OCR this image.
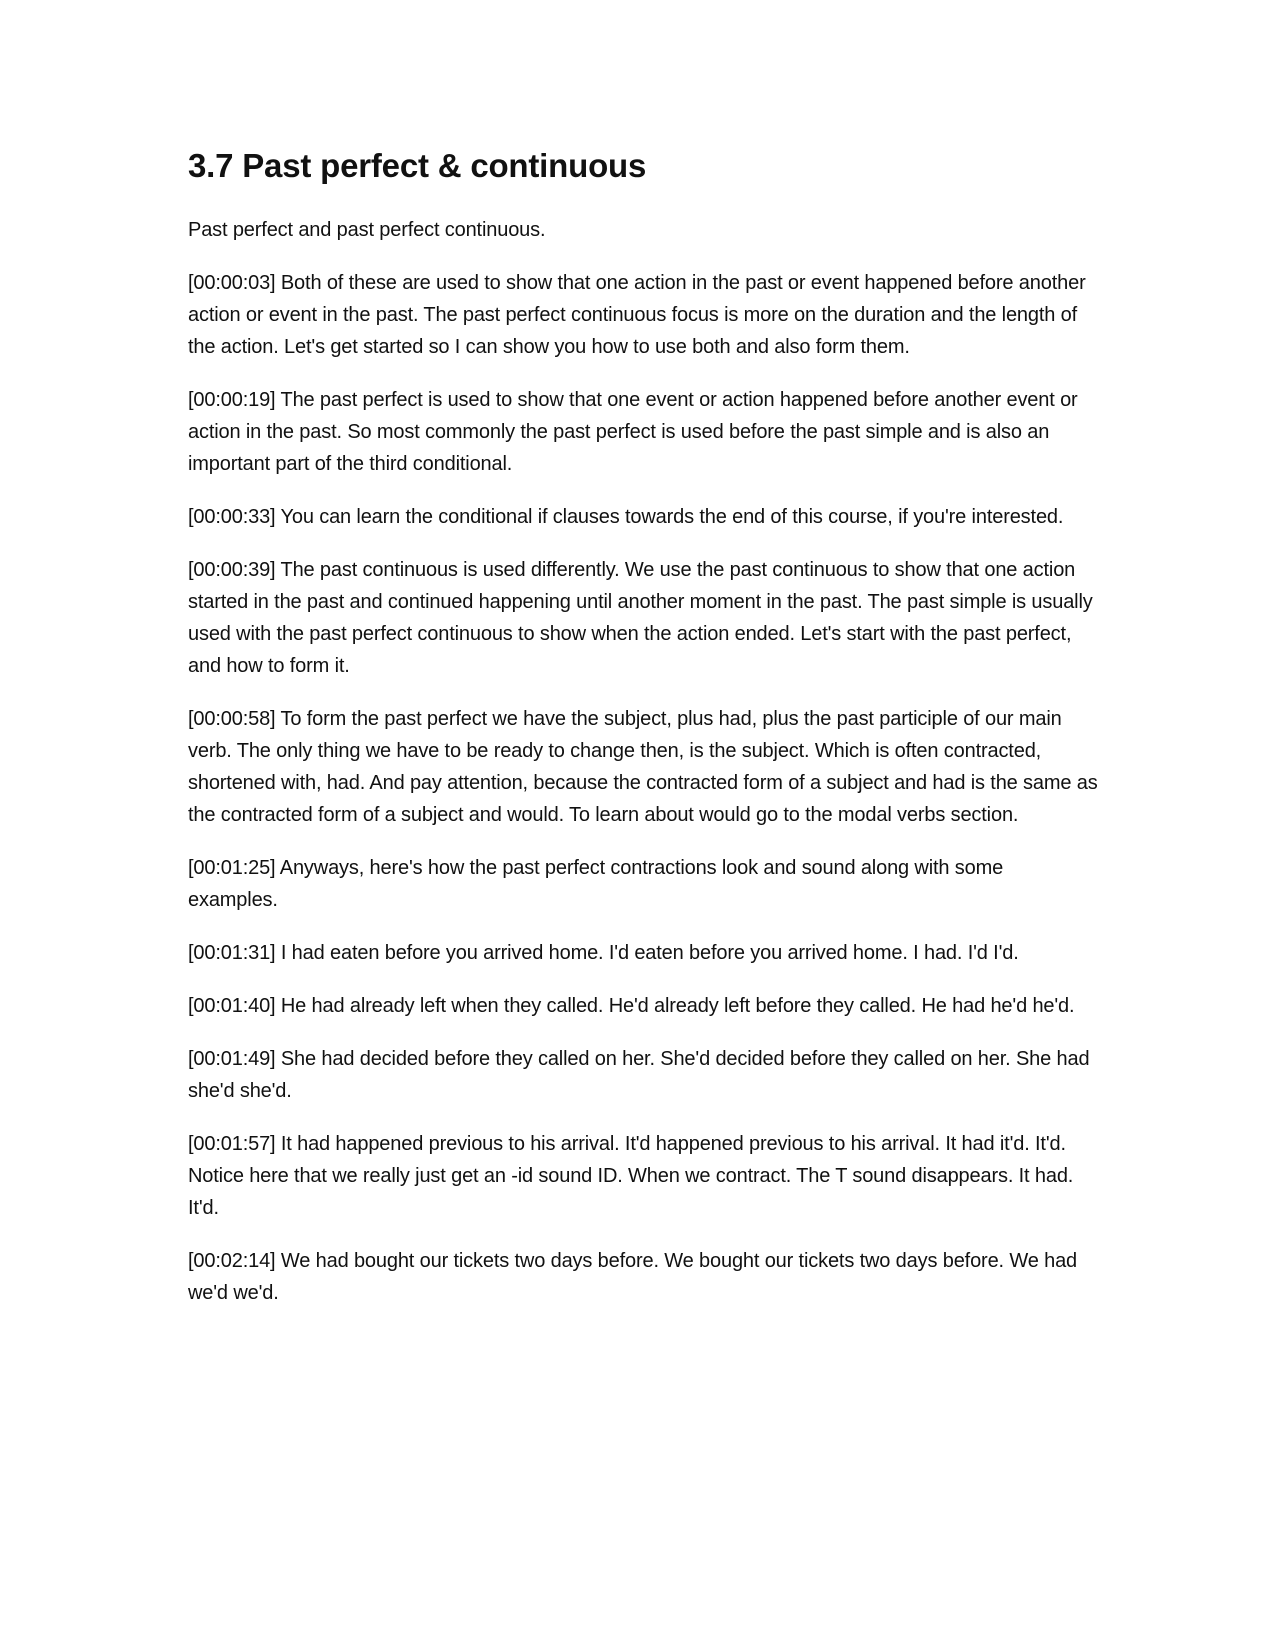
3.7 Past perfect & continuous

Past perfect and past perfect continuous.

[00:00:03] Both of these are used to show that one action in the past or event happened before another action or event in the past. The past perfect continuous focus is more on the duration and the length of the action. Let's get started so I can show you how to use both and also form them.

[00:00:19] The past perfect is used to show that one event or action happened before another event or action in the past. So most commonly the past perfect is used before the past simple and is also an important part of the third conditional.

[00:00:33] You can learn the conditional if clauses towards the end of this course, if you're interested.

[00:00:39] The past continuous is used differently. We use the past continuous to show that one action started in the past and continued happening until another moment in the past. The past simple is usually used with the past perfect continuous to show when the action ended. Let's start with the past perfect, and how to form it.

[00:00:58] To form the past perfect we have the subject, plus had, plus the past participle of our main verb. The only thing we have to be ready to change then, is the subject. Which is often contracted, shortened with, had. And pay attention, because the contracted form of a subject and had is the same as the contracted form of a subject and would. To learn about would go to the modal verbs section.

[00:01:25] Anyways, here's how the past perfect contractions look and sound along with some examples.

[00:01:31] I had eaten before you arrived home. I'd eaten before you arrived home. I had. I'd I'd.

[00:01:40] He had already left when they called. He'd already left before they called. He had he'd he'd.

[00:01:49] She had decided before they called on her. She'd decided before they called on her. She had she'd she'd.

[00:01:57] It had happened previous to his arrival. It'd happened previous to his arrival. It had it'd. It'd. Notice here that we really just get an -id sound ID. When we contract. The T sound disappears. It had. It'd.

[00:02:14] We had bought our tickets two days before. We bought our tickets two days before. We had we'd we'd.
